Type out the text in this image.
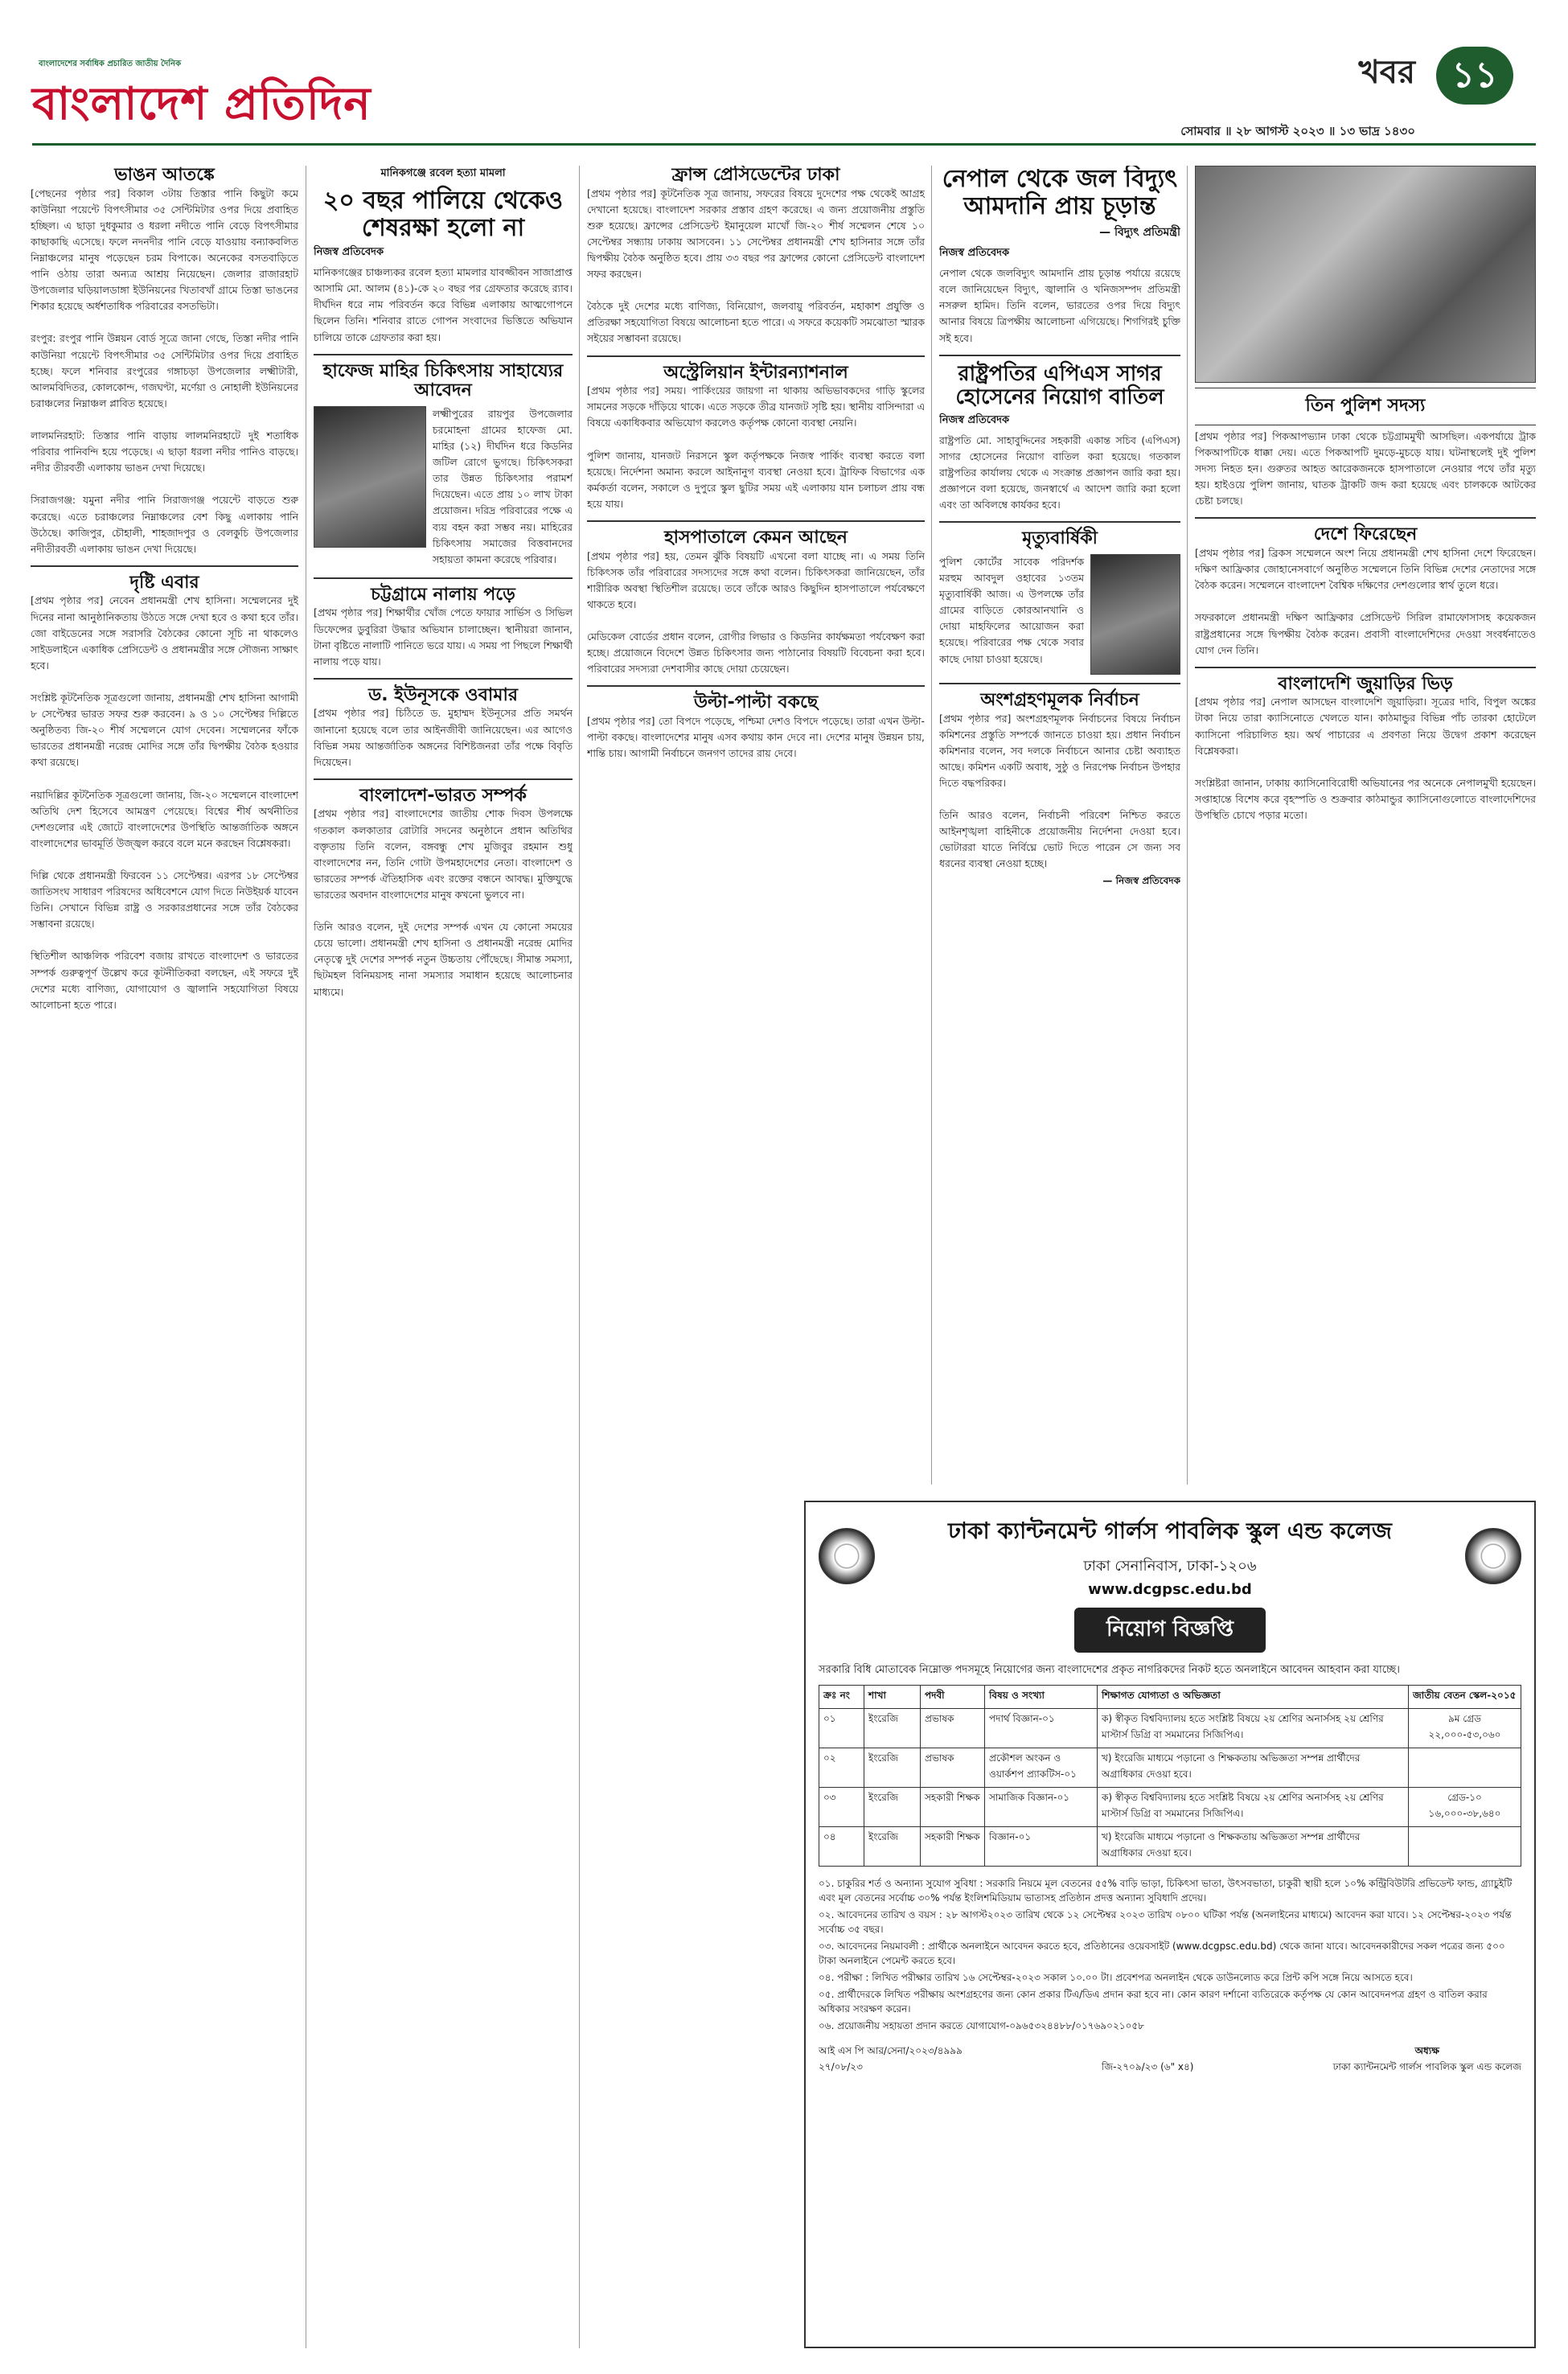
বাংলাদেশের সর্বাধিক প্রচারিত জাতীয় দৈনিক
বাংলাদেশ প্রতিদিন
খবর	১১
সোমবার ॥ ২৮ আগস্ট ২০২৩ ॥ ১৩ ভাদ্র ১৪৩০
ভাঙন আতঙ্কে

[পেছনের পৃষ্ঠার পর] বিকাল ৩টায় তিস্তার পানি কিছুটা কমে কাউনিয়া পয়েন্টে বিপৎসীমার ৩৫ সেন্টিমিটার ওপর দিয়ে প্রবাহিত হচ্ছিল। এ ছাড়া দুধকুমার ও ধরলা নদীতে পানি বেড়ে বিপৎসীমার কাছাকাছি এসেছে। ফলে নদনদীর পানি বেড়ে যাওয়ায় বন্যাকবলিত নিম্নাঞ্চলের মানুষ পড়েছেন চরম বিপাকে। অনেকের বসতবাড়িতে পানি ওঠায় তারা অন্যত্র আশ্রয় নিয়েছেন। জেলার রাজারহাট উপজেলার ঘড়িয়ালডাঙ্গা ইউনিয়নের খিতাবখাঁ গ্রামে তিস্তা ভাঙনের শিকার হয়েছে অর্ধশতাধিক পরিবারের বসতভিটা।

রংপুর: রংপুর পানি উন্নয়ন বোর্ড সূত্রে জানা গেছে, তিস্তা নদীর পানি কাউনিয়া পয়েন্টে বিপৎসীমার ৩৫ সেন্টিমিটার ওপর দিয়ে প্রবাহিত হচ্ছে। ফলে শনিবার রংপুরের গঙ্গাচড়া উপজেলার লক্ষ্মীটারী, আলমবিদিতর, কোলকোন্দ, গজঘণ্টা, মর্ণেয়া ও নোহালী ইউনিয়নের চরাঞ্চলের নিম্নাঞ্চল প্লাবিত হয়েছে।

লালমনিরহাট: তিস্তার পানি বাড়ায় লালমনিরহাটে দুই শতাধিক পরিবার পানিবন্দি হয়ে পড়েছে। এ ছাড়া ধরলা নদীর পানিও বাড়ছে। নদীর তীরবর্তী এলাকায় ভাঙন দেখা দিয়েছে।

সিরাজগঞ্জ: যমুনা নদীর পানি সিরাজগঞ্জ পয়েন্টে বাড়তে শুরু করেছে। এতে চরাঞ্চলের নিম্নাঞ্চলের বেশ কিছু এলাকায় পানি উঠেছে। কাজিপুর, চৌহালী, শাহজাদপুর ও বেলকুচি উপজেলার নদীতীরবর্তী এলাকায় ভাঙন দেখা দিয়েছে।

দৃষ্টি এবার

[প্রথম পৃষ্ঠার পর] নেবেন প্রধানমন্ত্রী শেখ হাসিনা। সম্মেলনের দুই দিনের নানা আনুষ্ঠানিকতায় উঠতে সঙ্গে দেখা হবে ও কথা হবে তাঁর। জো বাইডেনের সঙ্গে সরাসরি বৈঠকের কোনো সূচি না থাকলেও সাইডলাইনে একাধিক প্রেসিডেন্ট ও প্রধানমন্ত্রীর সঙ্গে সৌজন্য সাক্ষাৎ হবে।

সংশ্লিষ্ট কূটনৈতিক সূত্রগুলো জানায়, প্রধানমন্ত্রী শেখ হাসিনা আগামী ৮ সেপ্টেম্বর ভারত সফর শুরু করবেন। ৯ ও ১০ সেপ্টেম্বর দিল্লিতে অনুষ্ঠিতব্য জি-২০ শীর্ষ সম্মেলনে যোগ দেবেন। সম্মেলনের ফাঁকে ভারতের প্রধানমন্ত্রী নরেন্দ্র মোদির সঙ্গে তাঁর দ্বিপক্ষীয় বৈঠক হওয়ার কথা রয়েছে।

নয়াদিল্লির কূটনৈতিক সূত্রগুলো জানায়, জি-২০ সম্মেলনে বাংলাদেশ অতিথি দেশ হিসেবে আমন্ত্রণ পেয়েছে। বিশ্বের শীর্ষ অর্থনীতির দেশগুলোর এই জোটে বাংলাদেশের উপস্থিতি আন্তর্জাতিক অঙ্গনে বাংলাদেশের ভাবমূর্তি উজ্জ্বল করবে বলে মনে করছেন বিশ্লেষকরা।

দিল্লি থেকে প্রধানমন্ত্রী ফিরবেন ১১ সেপ্টেম্বর। এরপর ১৮ সেপ্টেম্বর জাতিসংঘ সাধারণ পরিষদের অধিবেশনে যোগ দিতে নিউইয়র্ক যাবেন তিনি। সেখানে বিভিন্ন রাষ্ট্র ও সরকারপ্রধানের সঙ্গে তাঁর বৈঠকের সম্ভাবনা রয়েছে।

স্থিতিশীল আঞ্চলিক পরিবেশ বজায় রাখতে বাংলাদেশ ও ভারতের সম্পর্ক গুরুত্বপূর্ণ উল্লেখ করে কূটনীতিকরা বলছেন, এই সফরে দুই দেশের মধ্যে বাণিজ্য, যোগাযোগ ও জ্বালানি সহযোগিতা বিষয়ে আলোচনা হতে পারে।

মানিকগঞ্জে রবেল হত্যা মামলা
২০ বছর পালিয়ে থেকেও শেষরক্ষা হলো না
নিজস্ব প্রতিবেদক

মানিকগঞ্জের চাঞ্চল্যকর রবেল হত্যা মামলার যাবজ্জীবন সাজাপ্রাপ্ত আসামি মো. আলম (৪১)-কে ২০ বছর পর গ্রেফতার করেছে র‌্যাব। দীর্ঘদিন ধরে নাম পরিবর্তন করে বিভিন্ন এলাকায় আত্মগোপনে ছিলেন তিনি। শনিবার রাতে গোপন সংবাদের ভিত্তিতে অভিযান চালিয়ে তাকে গ্রেফতার করা হয়।

হাফেজ মাহির চিকিৎসায় সাহায্যের আবেদন

লক্ষ্মীপুরের রায়পুর উপজেলার চরমোহনা গ্রামের হাফেজ মো. মাহির (১২) দীর্ঘদিন ধরে কিডনির জটিল রোগে ভুগছে। চিকিৎসকরা তার উন্নত চিকিৎসার পরামর্শ দিয়েছেন। এতে প্রায় ১০ লাখ টাকা প্রয়োজন। দরিদ্র পরিবারের পক্ষে এ ব্যয় বহন করা সম্ভব নয়। মাহিরের চিকিৎসায় সমাজের বিত্তবানদের সহায়তা কামনা করেছে পরিবার।

চট্টগ্রামে নালায় পড়ে

[প্রথম পৃষ্ঠার পর] শিক্ষার্থীর খোঁজ পেতে ফায়ার সার্ভিস ও সিভিল ডিফেন্সের ডুবুরিরা উদ্ধার অভিযান চালাচ্ছেন। স্থানীয়রা জানান, টানা বৃষ্টিতে নালাটি পানিতে ভরে যায়। এ সময় পা পিছলে শিক্ষার্থী নালায় পড়ে যায়।

ড. ইউনূসকে ওবামার

[প্রথম পৃষ্ঠার পর] চিঠিতে ড. মুহাম্মদ ইউনূসের প্রতি সমর্থন জানানো হয়েছে বলে তার আইনজীবী জানিয়েছেন। এর আগেও বিভিন্ন সময় আন্তর্জাতিক অঙ্গনের বিশিষ্টজনরা তাঁর পক্ষে বিবৃতি দিয়েছেন।

বাংলাদেশ-ভারত সম্পর্ক

[প্রথম পৃষ্ঠার পর] বাংলাদেশের জাতীয় শোক দিবস উপলক্ষে গতকাল কলকাতার রোটারি সদনের অনুষ্ঠানে প্রধান অতিথির বক্তৃতায় তিনি বলেন, বঙ্গবন্ধু শেখ মুজিবুর রহমান শুধু বাংলাদেশের নন, তিনি গোটা উপমহাদেশের নেতা। বাংলাদেশ ও ভারতের সম্পর্ক ঐতিহাসিক এবং রক্তের বন্ধনে আবদ্ধ। মুক্তিযুদ্ধে ভারতের অবদান বাংলাদেশের মানুষ কখনো ভুলবে না।

তিনি আরও বলেন, দুই দেশের সম্পর্ক এখন যে কোনো সময়ের চেয়ে ভালো। প্রধানমন্ত্রী শেখ হাসিনা ও প্রধানমন্ত্রী নরেন্দ্র মোদির নেতৃত্বে দুই দেশের সম্পর্ক নতুন উচ্চতায় পৌঁছেছে। সীমান্ত সমস্যা, ছিটমহল বিনিময়সহ নানা সমস্যার সমাধান হয়েছে আলোচনার মাধ্যমে।

ফ্রান্স প্রেসিডেন্টের ঢাকা

[প্রথম পৃষ্ঠার পর] কূটনৈতিক সূত্র জানায়, সফরের বিষয়ে দুদেশের পক্ষ থেকেই আগ্রহ দেখানো হয়েছে। বাংলাদেশ সরকার প্রস্তাব গ্রহণ করেছে। এ জন্য প্রয়োজনীয় প্রস্তুতি শুরু হয়েছে। ফ্রান্সের প্রেসিডেন্ট ইমানুয়েল মাখোঁ জি-২০ শীর্ষ সম্মেলন শেষে ১০ সেপ্টেম্বর সন্ধ্যায় ঢাকায় আসবেন। ১১ সেপ্টেম্বর প্রধানমন্ত্রী শেখ হাসিনার সঙ্গে তাঁর দ্বিপক্ষীয় বৈঠক অনুষ্ঠিত হবে। প্রায় ৩৩ বছর পর ফ্রান্সের কোনো প্রেসিডেন্ট বাংলাদেশ সফর করছেন।

বৈঠকে দুই দেশের মধ্যে বাণিজ্য, বিনিয়োগ, জলবায়ু পরিবর্তন, মহাকাশ প্রযুক্তি ও প্রতিরক্ষা সহযোগিতা বিষয়ে আলোচনা হতে পারে। এ সফরে কয়েকটি সমঝোতা স্মারক সইয়ের সম্ভাবনা রয়েছে।

অস্ট্রেলিয়ান ইন্টারন্যাশনাল

[প্রথম পৃষ্ঠার পর] সময়। পার্কিংয়ের জায়গা না থাকায় অভিভাবকদের গাড়ি স্কুলের সামনের সড়কে দাঁড়িয়ে থাকে। এতে সড়কে তীব্র যানজট সৃষ্টি হয়। স্থানীয় বাসিন্দারা এ বিষয়ে একাধিকবার অভিযোগ করলেও কর্তৃপক্ষ কোনো ব্যবস্থা নেয়নি।

পুলিশ জানায়, যানজট নিরসনে স্কুল কর্তৃপক্ষকে নিজস্ব পার্কিং ব্যবস্থা করতে বলা হয়েছে। নির্দেশনা অমান্য করলে আইনানুগ ব্যবস্থা নেওয়া হবে। ট্রাফিক বিভাগের এক কর্মকর্তা বলেন, সকালে ও দুপুরে স্কুল ছুটির সময় এই এলাকায় যান চলাচল প্রায় বন্ধ হয়ে যায়।

হাসপাতালে কেমন আছেন

[প্রথম পৃষ্ঠার পর] হয়, তেমন ঝুঁকি বিষয়টি এখনো বলা যাচ্ছে না। এ সময় তিনি চিকিৎসক তাঁর পরিবারের সদস্যদের সঙ্গে কথা বলেন। চিকিৎসকরা জানিয়েছেন, তাঁর শারীরিক অবস্থা স্থিতিশীল রয়েছে। তবে তাঁকে আরও কিছুদিন হাসপাতালে পর্যবেক্ষণে থাকতে হবে।

মেডিকেল বোর্ডের প্রধান বলেন, রোগীর লিভার ও কিডনির কার্যক্ষমতা পর্যবেক্ষণ করা হচ্ছে। প্রয়োজনে বিদেশে উন্নত চিকিৎসার জন্য পাঠানোর বিষয়টি বিবেচনা করা হবে। পরিবারের সদস্যরা দেশবাসীর কাছে দোয়া চেয়েছেন।

উল্টা-পাল্টা বকছে

[প্রথম পৃষ্ঠার পর] তো বিপদে পড়েছে, পশ্চিমা দেশও বিপদে পড়েছে। তারা এখন উল্টা-পাল্টা বকছে। বাংলাদেশের মানুষ এসব কথায় কান দেবে না। দেশের মানুষ উন্নয়ন চায়, শান্তি চায়। আগামী নির্বাচনে জনগণ তাদের রায় দেবে।

নেপাল থেকে জল বিদ্যুৎ আমদানি প্রায় চূড়ান্ত
— বিদ্যুৎ প্রতিমন্ত্রী
নিজস্ব প্রতিবেদক

নেপাল থেকে জলবিদ্যুৎ আমদানি প্রায় চূড়ান্ত পর্যায়ে রয়েছে বলে জানিয়েছেন বিদ্যুৎ, জ্বালানি ও খনিজসম্পদ প্রতিমন্ত্রী নসরুল হামিদ। তিনি বলেন, ভারতের ওপর দিয়ে বিদ্যুৎ আনার বিষয়ে ত্রিপক্ষীয় আলোচনা এগিয়েছে। শিগগিরই চুক্তি সই হবে।

রাষ্ট্রপতির এপিএস সাগর হোসেনের নিয়োগ বাতিল
নিজস্ব প্রতিবেদক

রাষ্ট্রপতি মো. সাহাবুদ্দিনের সহকারী একান্ত সচিব (এপিএস) সাগর হোসেনের নিয়োগ বাতিল করা হয়েছে। গতকাল রাষ্ট্রপতির কার্যালয় থেকে এ সংক্রান্ত প্রজ্ঞাপন জারি করা হয়। প্রজ্ঞাপনে বলা হয়েছে, জনস্বার্থে এ আদেশ জারি করা হলো এবং তা অবিলম্বে কার্যকর হবে।

মৃত্যুবার্ষিকী

পুলিশ কোর্টের সাবেক পরিদর্শক মরহুম আবদুল ওহাবের ১৩তম মৃত্যুবার্ষিকী আজ। এ উপলক্ষে তাঁর গ্রামের বাড়িতে কোরআনখানি ও দোয়া মাহফিলের আয়োজন করা হয়েছে। পরিবারের পক্ষ থেকে সবার কাছে দোয়া চাওয়া হয়েছে।

অংশগ্রহণমূলক নির্বাচন

[প্রথম পৃষ্ঠার পর] অংশগ্রহণমূলক নির্বাচনের বিষয়ে নির্বাচন কমিশনের প্রস্তুতি সম্পর্কে জানতে চাওয়া হয়। প্রধান নির্বাচন কমিশনার বলেন, সব দলকে নির্বাচনে আনার চেষ্টা অব্যাহত আছে। কমিশন একটি অবাধ, সুষ্ঠু ও নিরপেক্ষ নির্বাচন উপহার দিতে বদ্ধপরিকর।

তিনি আরও বলেন, নির্বাচনী পরিবেশ নিশ্চিত করতে আইনশৃঙ্খলা বাহিনীকে প্রয়োজনীয় নির্দেশনা দেওয়া হবে। ভোটাররা যাতে নির্বিঘ্নে ভোট দিতে পারেন সে জন্য সব ধরনের ব্যবস্থা নেওয়া হচ্ছে।

— নিজস্ব প্রতিবেদক
তিন পুলিশ সদস্য

[প্রথম পৃষ্ঠার পর] পিকআপভ্যান ঢাকা থেকে চট্টগ্রামমুখী আসছিল। একপর্যায়ে ট্রাক পিকআপটিকে ধাক্কা দেয়। এতে পিকআপটি দুমড়ে-মুচড়ে যায়। ঘটনাস্থলেই দুই পুলিশ সদস্য নিহত হন। গুরুতর আহত আরেকজনকে হাসপাতালে নেওয়ার পথে তাঁর মৃত্যু হয়। হাইওয়ে পুলিশ জানায়, ঘাতক ট্রাকটি জব্দ করা হয়েছে এবং চালককে আটকের চেষ্টা চলছে।

দেশে ফিরেছেন

[প্রথম পৃষ্ঠার পর] ব্রিকস সম্মেলনে অংশ নিয়ে প্রধানমন্ত্রী শেখ হাসিনা দেশে ফিরেছেন। দক্ষিণ আফ্রিকার জোহানেসবার্গে অনুষ্ঠিত সম্মেলনে তিনি বিভিন্ন দেশের নেতাদের সঙ্গে বৈঠক করেন। সম্মেলনে বাংলাদেশ বৈশ্বিক দক্ষিণের দেশগুলোর স্বার্থ তুলে ধরে।

সফরকালে প্রধানমন্ত্রী দক্ষিণ আফ্রিকার প্রেসিডেন্ট সিরিল রামাফোসাসহ কয়েকজন রাষ্ট্রপ্রধানের সঙ্গে দ্বিপক্ষীয় বৈঠক করেন। প্রবাসী বাংলাদেশিদের দেওয়া সংবর্ধনাতেও যোগ দেন তিনি।

বাংলাদেশি জুয়াড়ির ভিড়

[প্রথম পৃষ্ঠার পর] নেপাল আসছেন বাংলাদেশি জুয়াড়িরা। সূত্রের দাবি, বিপুল অঙ্কের টাকা নিয়ে তারা ক্যাসিনোতে খেলতে যান। কাঠমান্ডুর বিভিন্ন পাঁচ তারকা হোটেলে ক্যাসিনো পরিচালিত হয়। অর্থ পাচারের এ প্রবণতা নিয়ে উদ্বেগ প্রকাশ করেছেন বিশ্লেষকরা।

সংশ্লিষ্টরা জানান, ঢাকায় ক্যাসিনোবিরোধী অভিযানের পর অনেকে নেপালমুখী হয়েছেন। সপ্তাহান্তে বিশেষ করে বৃহস্পতি ও শুক্রবার কাঠমান্ডুর ক্যাসিনোগুলোতে বাংলাদেশিদের উপস্থিতি চোখে পড়ার মতো।

ঢাকা ক্যান্টনমেন্ট গার্লস পাবলিক স্কুল এন্ড কলেজ
ঢাকা সেনানিবাস, ঢাকা-১২০৬
www.dcgpsc.edu.bd
নিয়োগ বিজ্ঞপ্তি

সরকারি বিধি মোতাবেক নিম্নোক্ত পদসমূহে নিয়োগের জন্য বাংলাদেশের প্রকৃত নাগরিকদের নিকট হতে অনলাইনে আবেদন আহবান করা যাচ্ছে।

ক্রঃ নং	শাখা	পদবী	বিষয় ও সংখ্যা	শিক্ষাগত যোগ্যতা ও অভিজ্ঞতা	জাতীয় বেতন স্কেল-২০১৫
০১	ইংরেজি	প্রভাষক	পদার্থ বিজ্ঞান-০১	ক) স্বীকৃত বিশ্ববিদ্যালয় হতে সংশ্লিষ্ট বিষয়ে ২য় শ্রেণির অনার্সসহ ২য় শ্রেণির মাস্টার্স ডিগ্রি বা সমমানের সিজিপিএ।	৯ম গ্রেড
২২,০০০-৫৩,০৬০
০২	ইংরেজি	প্রভাষক	প্রকৌশল অংকন ও ওয়ার্কশপ প্র্যাকটিস-০১	খ) ইংরেজি মাধ্যমে পড়ানো ও শিক্ষকতায় অভিজ্ঞতা সম্পন্ন প্রার্থীদের অগ্রাধিকার দেওয়া হবে।	
০৩	ইংরেজি	সহকারী শিক্ষক	সামাজিক বিজ্ঞান-০১	ক) স্বীকৃত বিশ্ববিদ্যালয় হতে সংশ্লিষ্ট বিষয়ে ২য় শ্রেণির অনার্সসহ ২য় শ্রেণির মাস্টার্স ডিগ্রি বা সমমানের সিজিপিএ।	গ্রেড-১০
১৬,০০০-৩৮,৬৪০
০৪	ইংরেজি	সহকারী শিক্ষক	বিজ্ঞান-০১	খ) ইংরেজি মাধ্যমে পড়ানো ও শিক্ষকতায় অভিজ্ঞতা সম্পন্ন প্রার্থীদের অগ্রাধিকার দেওয়া হবে।	

০১. চাকুরির শর্ত ও অন্যান্য সুযোগ সুবিধা : সরকারি নিয়মে মূল বেতনের ৫৫% বাড়ি ভাড়া, চিকিৎসা ভাতা, উৎসবভাতা, চাকুরী স্থায়ী হলে ১০% কন্ট্রিবিউটরি প্রভিডেন্ট ফান্ড, গ্র্যাচুইটি এবং মূল বেতনের সর্বোচ্চ ৩০% পর্যন্ত ইংলিশমিডিয়াম ভাতাসহ প্রতিষ্ঠান প্রদত্ত অন্যান্য সুবিধাদি প্রদেয়।

০২. আবেদনের তারিখ ও বয়স : ২৮ আগস্ট২০২৩ তারিখ থেকে ১২ সেপ্টেম্বর ২০২৩ তারিখ ০৮০০ ঘটিকা পর্যন্ত (অনলাইনের মাধ্যমে) আবেদন করা যাবে। ১২ সেপ্টেম্বর-২০২৩ পর্যন্ত সর্বোচ্চ ৩৫ বছর।

০৩. আবেদনের নিয়মাবলী : প্রার্থীকে অনলাইনে আবেদন করতে হবে, প্রতিষ্ঠানের ওয়েবসাইট (www.dcgpsc.edu.bd) থেকে জানা যাবে। আবেদনকারীদের সকল পত্রের জন্য ৫০০ টাকা অনলাইনে পেমেন্ট করতে হবে।

০৪. পরীক্ষা : লিখিত পরীক্ষার তারিখ ১৬ সেপ্টেম্বর-২০২৩ সকাল ১০.০০ টা। প্রবেশপত্র অনলাইন থেকে ডাউনলোড করে প্রিন্ট কপি সঙ্গে নিয়ে আসতে হবে।

০৫. প্রার্থীদেরকে লিখিত পরীক্ষায় অংশগ্রহণের জন্য কোন প্রকার টিএ/ডিএ প্রদান করা হবে না। কোন কারণ দর্শানো ব্যতিরেকে কর্তৃপক্ষ যে কোন আবেদনপত্র গ্রহণ ও বাতিল করার অধিকার সংরক্ষণ করেন।

০৬. প্রয়োজনীয় সহায়তা প্রদান করতে যোগাযোগ-০৯৬৫৩২৪৪৮৮/০১৭৬৯০২১০৫৮

আই এস পি আর/সেনা/২০২৩/৪৯৯৯
২৭/০৮/২৩	জি-২৭০৯/২৩ (৬" x৪)
অধ্যক্ষ
ঢাকা ক্যান্টনমেন্ট গার্লস পাবলিক স্কুল এন্ড কলেজ
